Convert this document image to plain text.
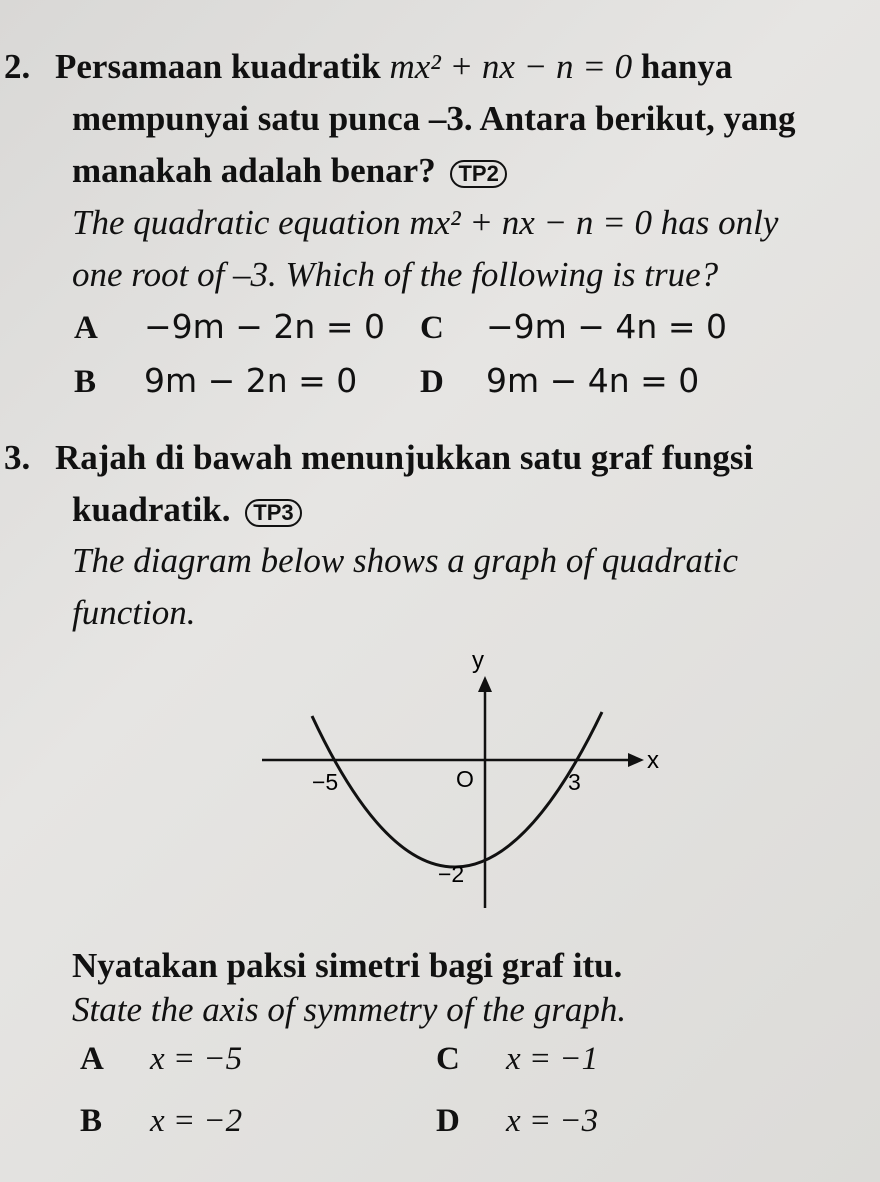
2. Persamaan kuadratik mx² + nx − n = 0 hanya
mempunyai satu punca –3. Antara berikut, yang
manakah adalah benar? TP2
The quadratic equation mx² + nx − n = 0 has only
one root of –3. Which of the following is true?
A −9m − 2n = 0 C −9m − 4n = 0
B 9m − 2n = 0 D 9m − 4n = 0
3. Rajah di bawah menunjukkan satu graf fungsi
kuadratik. TP3
The diagram below shows a graph of quadratic
function.
y
x
−5	O	3
−2
Nyatakan paksi simetri bagi graf itu.
State the axis of symmetry of the graph.
A x = −5	C x = −1
B x = −2	D x = −3
